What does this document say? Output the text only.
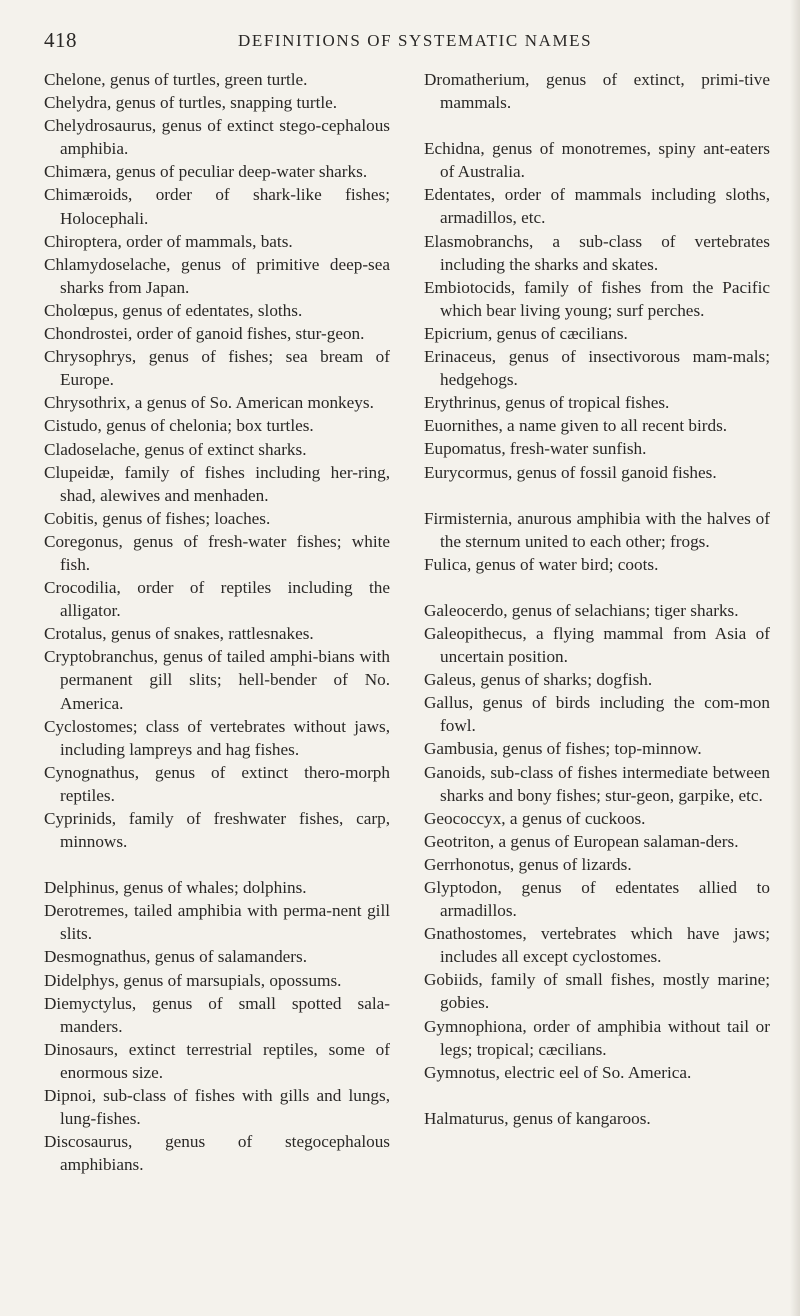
418	DEFINITIONS OF SYSTEMATIC NAMES

Chelone, genus of turtles, green turtle.

Chelydra, genus of turtles, snapping turtle.

Chelydrosaurus, genus of extinct stego-cephalous amphibia.

Chimæra, genus of peculiar deep-water sharks.

Chimæroids, order of shark-like fishes; Holocephali.

Chiroptera, order of mammals, bats.

Chlamydoselache, genus of primitive deep-sea sharks from Japan.

Cholœpus, genus of edentates, sloths.

Chondrostei, order of ganoid fishes, stur-geon.

Chrysophrys, genus of fishes; sea bream of Europe.

Chrysothrix, a genus of So. American monkeys.

Cistudo, genus of chelonia; box turtles.

Cladoselache, genus of extinct sharks.

Clupeidæ, family of fishes including her-ring, shad, alewives and menhaden.

Cobitis, genus of fishes; loaches.

Coregonus, genus of fresh-water fishes; white fish.

Crocodilia, order of reptiles including the alligator.

Crotalus, genus of snakes, rattlesnakes.

Cryptobranchus, genus of tailed amphi-bians with permanent gill slits; hell-bender of No. America.

Cyclostomes; class of vertebrates without jaws, including lampreys and hag fishes.

Cynognathus, genus of extinct thero-morph reptiles.

Cyprinids, family of freshwater fishes, carp, minnows.

Delphinus, genus of whales; dolphins.

Derotremes, tailed amphibia with perma-nent gill slits.

Desmognathus, genus of salamanders.

Didelphys, genus of marsupials, opossums.

Diemyctylus, genus of small spotted sala-manders.

Dinosaurs, extinct terrestrial reptiles, some of enormous size.

Dipnoi, sub-class of fishes with gills and lungs, lung-fishes.

Discosaurus, genus of stegocephalous amphibians.

Dromatherium, genus of extinct, primi-tive mammals.

Echidna, genus of monotremes, spiny ant-eaters of Australia.

Edentates, order of mammals including sloths, armadillos, etc.

Elasmobranchs, a sub-class of vertebrates including the sharks and skates.

Embiotocids, family of fishes from the Pacific which bear living young; surf perches.

Epicrium, genus of cæcilians.

Erinaceus, genus of insectivorous mam-mals; hedgehogs.

Erythrinus, genus of tropical fishes.

Euornithes, a name given to all recent birds.

Eupomatus, fresh-water sunfish.

Eurycormus, genus of fossil ganoid fishes.

Firmisternia, anurous amphibia with the halves of the sternum united to each other; frogs.

Fulica, genus of water bird; coots.

Galeocerdo, genus of selachians; tiger sharks.

Galeopithecus, a flying mammal from Asia of uncertain position.

Galeus, genus of sharks; dogfish.

Gallus, genus of birds including the com-mon fowl.

Gambusia, genus of fishes; top-minnow.

Ganoids, sub-class of fishes intermediate between sharks and bony fishes; stur-geon, garpike, etc.

Geococcyx, a genus of cuckoos.

Geotriton, a genus of European salaman-ders.

Gerrhonotus, genus of lizards.

Glyptodon, genus of edentates allied to armadillos.

Gnathostomes, vertebrates which have jaws; includes all except cyclostomes.

Gobiids, family of small fishes, mostly marine; gobies.

Gymnophiona, order of amphibia without tail or legs; tropical; cæcilians.

Gymnotus, electric eel of So. America.

Halmaturus, genus of kangaroos.
